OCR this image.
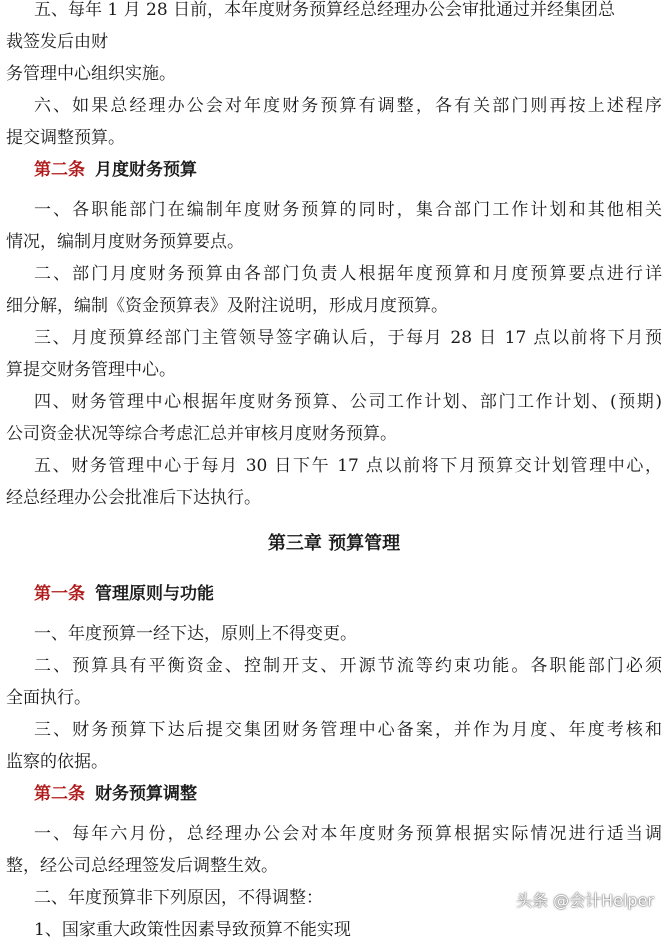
五、每年 1 月 28 日前，本年度财务预算经总经理办公会审批通过并经集团总
裁签发后由财
务管理中心组织实施。
六、如果总经理办公会对年度财务预算有调整，各有关部门则再按上述程序
提交调整预算。
第二条 月度财务预算
一、各职能部门在编制年度财务预算的同时，集合部门工作计划和其他相关
情况，编制月度财务预算要点。
二、部门月度财务预算由各部门负责人根据年度预算和月度预算要点进行详
细分解，编制《资金预算表》及附注说明，形成月度预算。
三、月度预算经部门主管领导签字确认后，于每月 28 日 17 点以前将下月预
算提交财务管理中心。
四、财务管理中心根据年度财务预算、公司工作计划、部门工作计划、(预期)
公司资金状况等综合考虑汇总并审核月度财务预算。
五、财务管理中心于每月 30 日下午 17 点以前将下月预算交计划管理中心，
经总经理办公会批准后下达执行。
第三章 预算管理
第一条 管理原则与功能
一、年度预算一经下达，原则上不得变更。
二、预算具有平衡资金、控制开支、开源节流等约束功能。各职能部门必须
全面执行。
三、财务预算下达后提交集团财务管理中心备案，并作为月度、年度考核和
监察的依据。
第二条 财务预算调整
一、每年六月份，总经理办公会对本年度财务预算根据实际情况进行适当调
整，经公司总经理签发后调整生效。
二、年度预算非下列原因，不得调整：
1、国家重大政策性因素导致预算不能实现
头条 @会计Helper
